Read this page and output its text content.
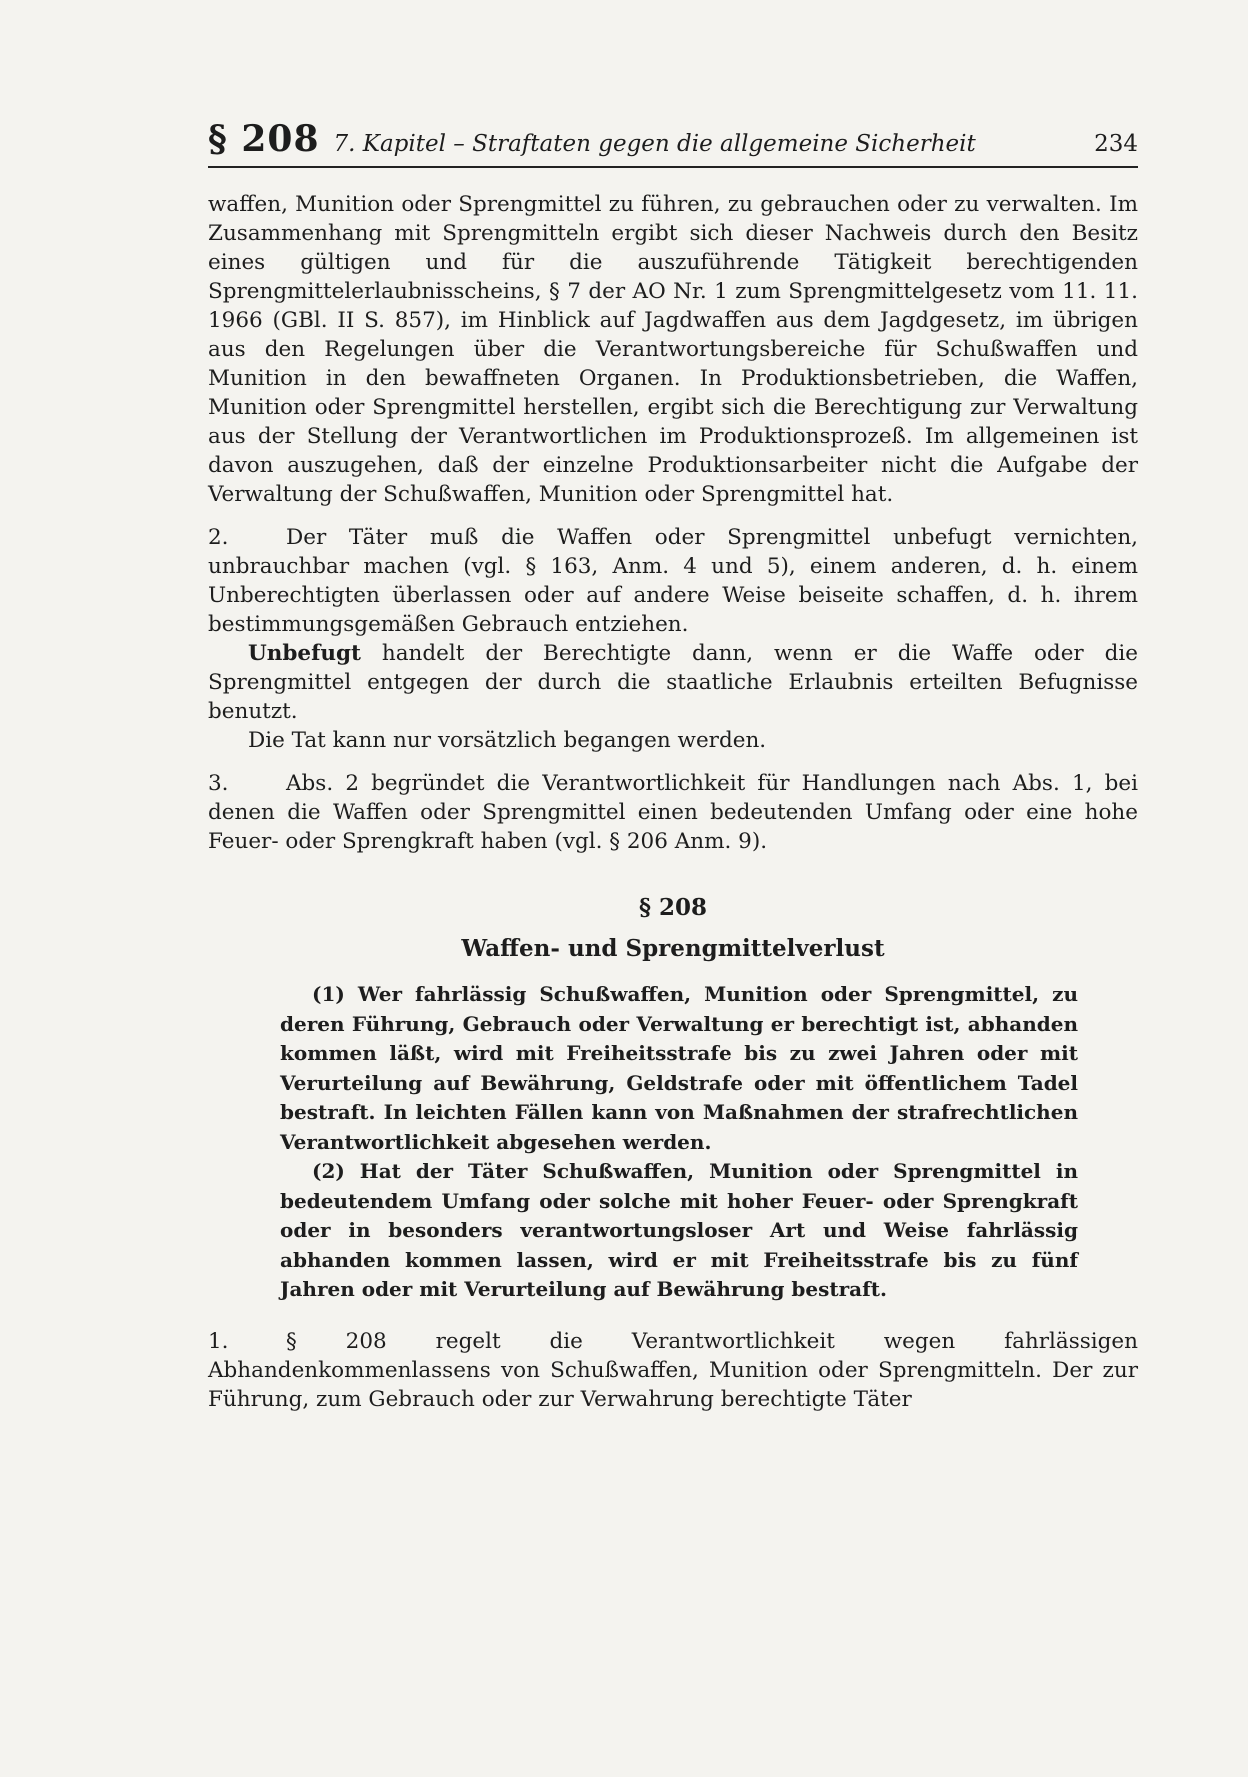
§ 208 7. Kapitel – Straftaten gegen die allgemeine Sicherheit	234

waffen, Munition oder Sprengmittel zu führen, zu gebrauchen oder zu verwalten. Im Zusammenhang mit Sprengmitteln ergibt sich dieser Nachweis durch den Besitz eines gültigen und für die auszuführende Tätigkeit berechtigenden Sprengmittelerlaubnisscheins, § 7 der AO Nr. 1 zum Sprengmittelgesetz vom 11. 11. 1966 (GBl. II S. 857), im Hinblick auf Jagdwaffen aus dem Jagdgesetz, im übrigen aus den Regelungen über die Verantwortungsbereiche für Schußwaffen und Munition in den bewaffneten Organen. In Produktionsbetrieben, die Waffen, Munition oder Sprengmittel herstellen, ergibt sich die Berechtigung zur Verwaltung aus der Stellung der Verantwortlichen im Produktionsprozeß. Im allgemeinen ist davon auszugehen, daß der einzelne Produktionsarbeiter nicht die Aufgabe der Verwaltung der Schußwaffen, Munition oder Sprengmittel hat.

2.	Der Täter muß die Waffen oder Sprengmittel unbefugt vernichten, unbrauchbar machen (vgl. § 163, Anm. 4 und 5), einem anderen, d. h. einem Unberechtigten überlassen oder auf andere Weise beiseite schaffen, d. h. ihrem bestimmungsgemäßen Gebrauch entziehen.

Unbefugt handelt der Berechtigte dann, wenn er die Waffe oder die Sprengmittel entgegen der durch die staatliche Erlaubnis erteilten Befugnisse benutzt.

Die Tat kann nur vorsätzlich begangen werden.

3.	Abs. 2 begründet die Verantwortlichkeit für Handlungen nach Abs. 1, bei denen die Waffen oder Sprengmittel einen bedeutenden Umfang oder eine hohe Feuer- oder Sprengkraft haben (vgl. § 206 Anm. 9).

§ 208
Waffen- und Sprengmittelverlust

(1) Wer fahrlässig Schußwaffen, Munition oder Sprengmittel, zu deren Führung, Gebrauch oder Verwaltung er berechtigt ist, abhanden kommen läßt, wird mit Freiheitsstrafe bis zu zwei Jahren oder mit Verurteilung auf Bewährung, Geldstrafe oder mit öffentlichem Tadel bestraft. In leichten Fällen kann von Maßnahmen der strafrechtlichen Verantwortlichkeit abgesehen werden.

(2) Hat der Täter Schußwaffen, Munition oder Sprengmittel in bedeutendem Umfang oder solche mit hoher Feuer- oder Sprengkraft oder in besonders verantwortungsloser Art und Weise fahrlässig abhanden kommen lassen, wird er mit Freiheitsstrafe bis zu fünf Jahren oder mit Verurteilung auf Bewährung bestraft.

1.	§ 208 regelt die Verantwortlichkeit wegen fahrlässigen Abhandenkommenlassens von Schußwaffen, Munition oder Sprengmitteln. Der zur Führung, zum Gebrauch oder zur Verwahrung berechtigte Täter
